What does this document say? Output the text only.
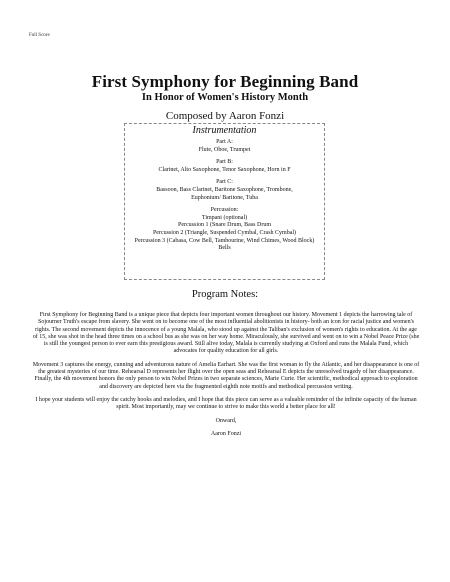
Full Score
First Symphony for Beginning Band
In Honor of Women's History Month
Composed by Aaron Fonzi
Instrumentation
Part A:
Flute, Oboe, Trumpet
Part B:
Clarinet, Alto Saxophone, Tenor Saxophone, Horn in F
Part C:
Bassoon, Bass Clarinet, Baritone Saxophone, Trombone,
Euphonium/ Baritone, Tuba
Percussion:
Timpani (optional)
Percussion 1 (Snare Drum, Bass Drum
Percussion 2 (Triangle, Suspended Cymbal, Crash Cymbal)
Percussion 3 (Cabasa, Cow Bell, Tambourine, Wind Chimes, Wood Block)
Bells
Program Notes:

First Symphony for Beginning Band is a unique piece that depicts four important women throughout our history. Movement 1 depicts the harrowing tale of Sojourner Truth's escape from slavery. She went on to become one of the most influential abolitionists in history- both an icon for racial justice and women's rights. The second movement depicts the innocence of a young Malala, who stood up against the Taliban's exclusion of women's rights to education. At the age of 15, she was shot in the head three times on a school bus as she was on her way home. Miraculously, she survived and went on to win a Nobel Peace Prize (she is still the youngest person to ever earn this prestigious award. Still alive today, Malala is currently studying at Oxford and runs the Malala Fund, which advocates for quality education for all girls.

Movement 3 captures the energy, cunning and adventurous nature of Amelia Earhart. She was the first woman to fly the Atlantic, and her disappearance is one of the greatest mysteries of our time. Rehearsal D represents her flight over the open seas and Rehearsal E depicts the unresolved tragedy of her disappearance. Finally, the 4th movement honors the only person to win Nobel Prizes in two separate sciences, Marie Curie. Her scientific, methodical approach to exploration and discovery are depicted here via the fragmented eighth note motifs and methodical percussion writing.

I hope your students will enjoy the catchy hooks and melodies, and I hope that this piece can serve as a valuable reminder of the infinite capacity of the human spirit. Most importantly, may we continue to strive to make this world a better place for all!

Onward,

Aaron Fonzi
